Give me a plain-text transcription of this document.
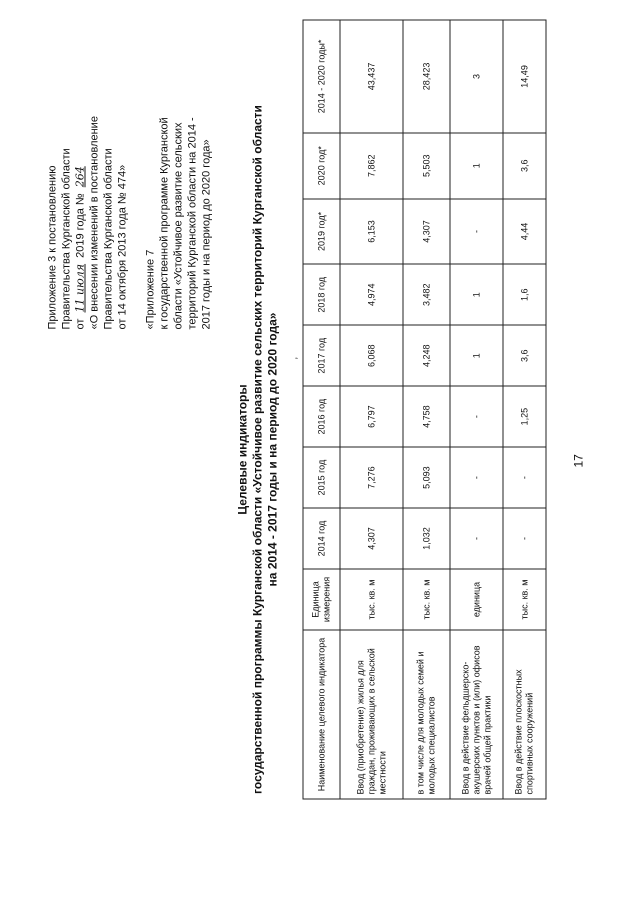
17
Приложение 3 к постановлению Правительства Курганской области от 11 июля 2019 года № 264 «О внесении изменений в постановление Правительства Курганской области от 14 октября 2013 года № 474» «Приложение 7 к государственной программе Курганской области «Устойчивое развитие сельских территорий Курганской области на 2014 - 2017 годы и на период до 2020 года»
Целевые индикаторы государственной программы Курганской области «Устойчивое развитие сельских территорий Курганской области на 2014 - 2017 годы и на период до 2020 года» ,
Наименование целевого индикатора	Единица измерения	2014 год	2015 год	2016 год	2017 год	2018 год	2019 год*	2020 год*	2014 - 2020 годы*
Ввод (приобретение) жилья для граждан, проживающих в сельской местности	тыс. кв. м	4,307	7,276	6,797	6,068	4,974	6,153	7,862	43,437
в том числе для молодых семей и молодых специалистов	тыс. кв. м	1,032	5,093	4,758	4,248	3,482	4,307	5,503	28,423
Ввод в действие фельдшерско-акушерских пунктов и (или) офисов врачей общей практики	единица	-	-	-	1	1	-	1	3
Ввод в действие плоскостных спортивных сооружений	тыс. кв. м	-	-	1,25	3,6	1,6	4,44	3,6	14,49
